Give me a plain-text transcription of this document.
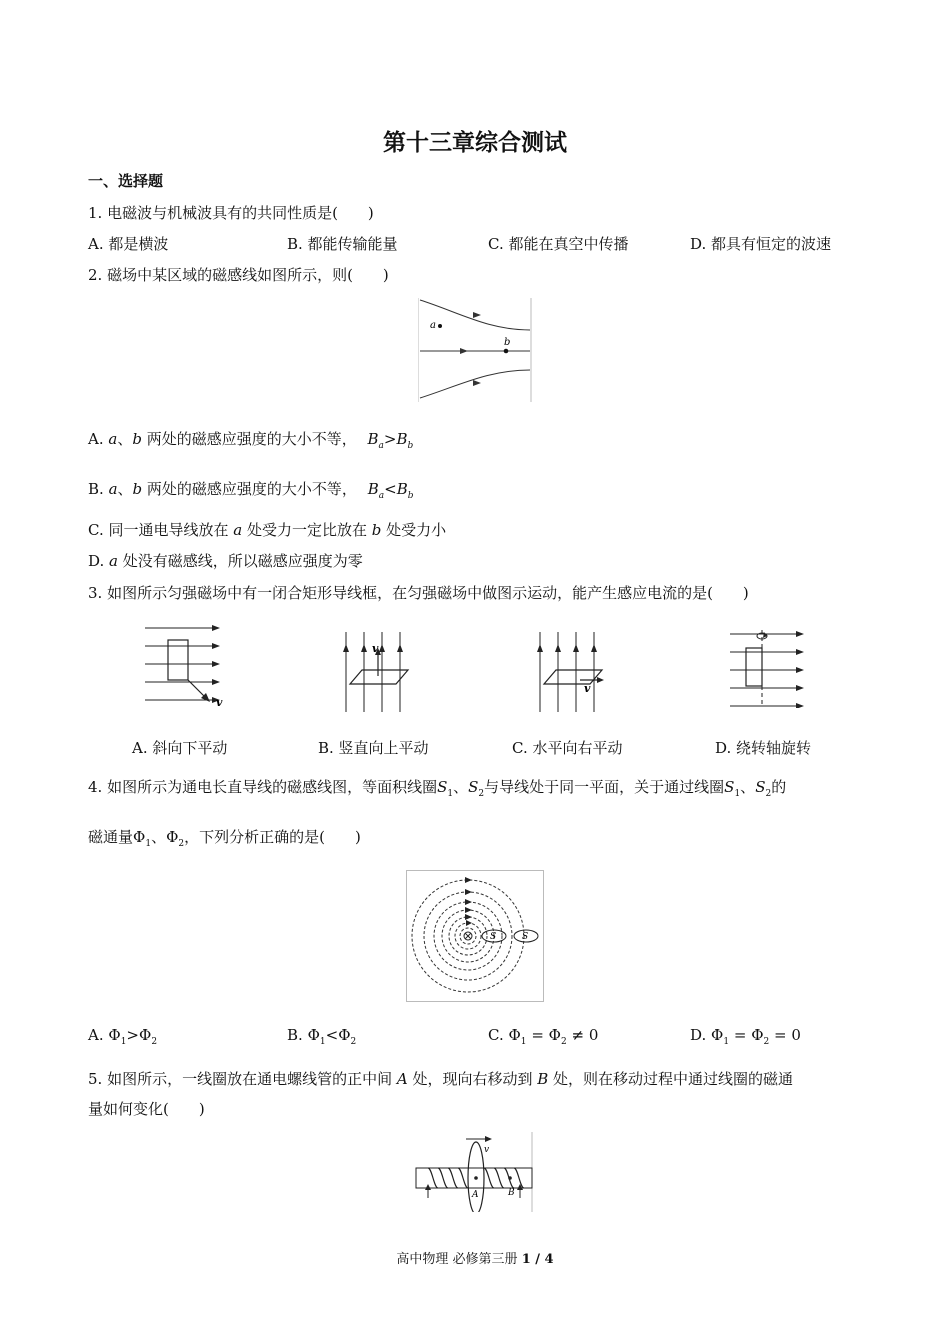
第十三章综合测试
一、选择题
1. 电磁波与机械波具有的共同性质是(　　)
A. 都是横波	B. 都能传输能量	C. 都能在真空中传播	D. 都具有恒定的波速
2. 磁场中某区域的磁感线如图所示，则(　　)
a
b
A. a、b 两处的磁感应强度的大小不等， $B_a>B_b$
B. a、b 两处的磁感应强度的大小不等， $B_a<B_b$
C. 同一通电导线放在 a 处受力一定比放在 b 处受力小
D. a 处没有磁感线，所以磁感应强度为零
3. 如图所示匀强磁场中有一闭合矩形导线框，在匀强磁场中做图示运动，能产生感应电流的是(　　)
v
v
v
A. 斜向下平动	B. 竖直向上平动	C. 水平向右平动	D. 绕转轴旋转
4. 如图所示为通电长直导线的磁感线图，等面积线圈$S_1$、$S_2$与导线处于同一平面，关于通过线圈$S_1$、$S_2$的
磁通量$\Phi_1$、$\Phi_2$，下列分析正确的是(　　)
S	S
A. $\Phi_1>\Phi_2$	B. $\Phi_1<\Phi_2$	C. $\Phi_1 = \Phi_2 \ne 0$	D. $\Phi_1 = \Phi_2 = 0$
5. 如图所示，一线圈放在通电螺线管的正中间 A 处，现向右移动到 B 处，则在移动过程中通过线圈的磁通
量如何变化(　　)
v
A	B
高中物理 必修第三册 1 / 4
